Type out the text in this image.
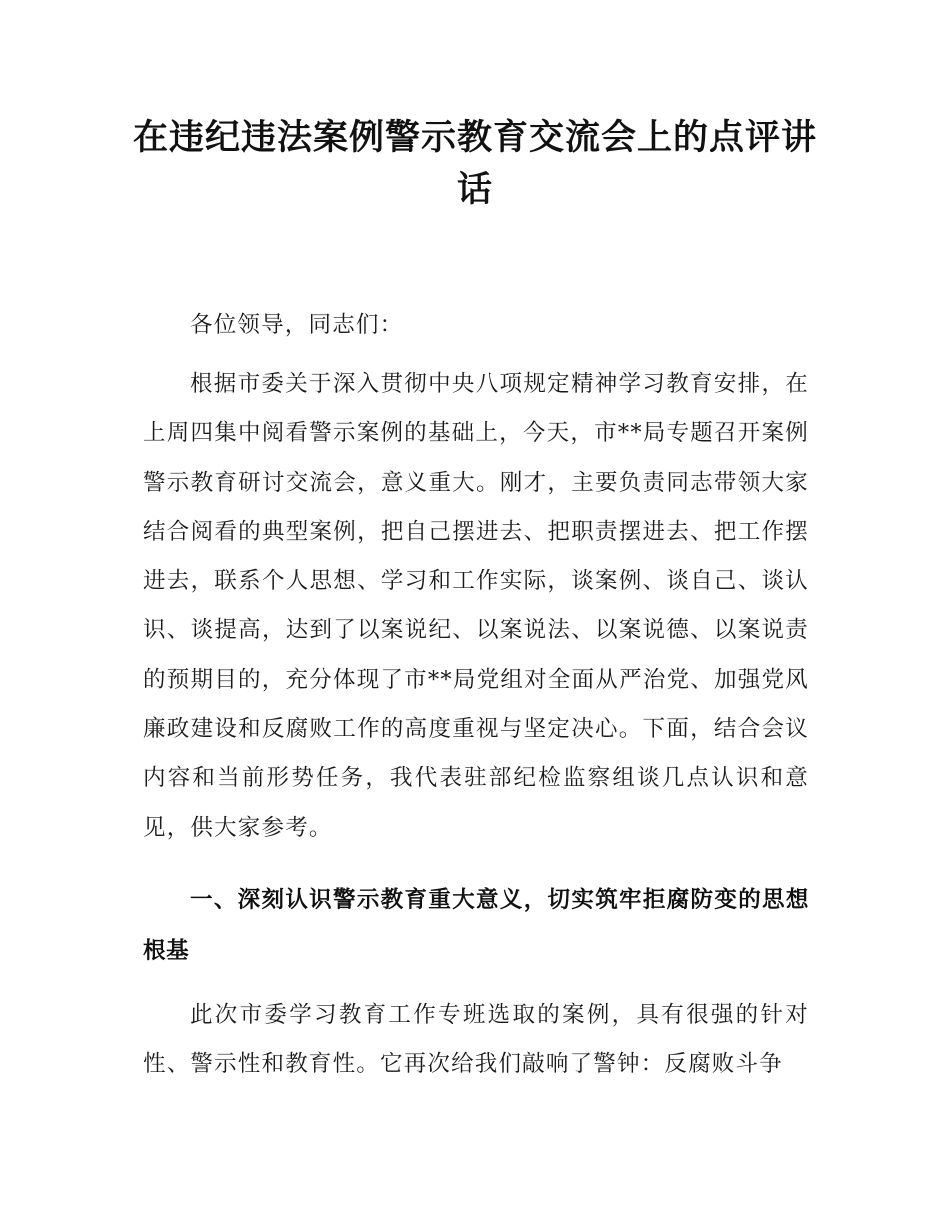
在违纪违法案例警示教育交流会上的点评讲话

各位领导，同志们：

根据市委关于深入贯彻中央八项规定精神学习教育安排，在上周四集中阅看警示案例的基础上，今天，市**局专题召开案例警示教育研讨交流会，意义重大。刚才，主要负责同志带领大家结合阅看的典型案例，把自己摆进去、把职责摆进去、把工作摆进去，联系个人思想、学习和工作实际，谈案例、谈自己、谈认识、谈提高，达到了以案说纪、以案说法、以案说德、以案说责的预期目的，充分体现了市**局党组对全面从严治党、加强党风廉政建设和反腐败工作的高度重视与坚定决心。下面，结合会议内容和当前形势任务，我代表驻部纪检监察组谈几点认识和意见，供大家参考。

一、深刻认识警示教育重大意义，切实筑牢拒腐防变的思想根基

此次市委学习教育工作专班选取的案例，具有很强的针对性、警示性和教育性。它再次给我们敲响了警钟：反腐败斗争
